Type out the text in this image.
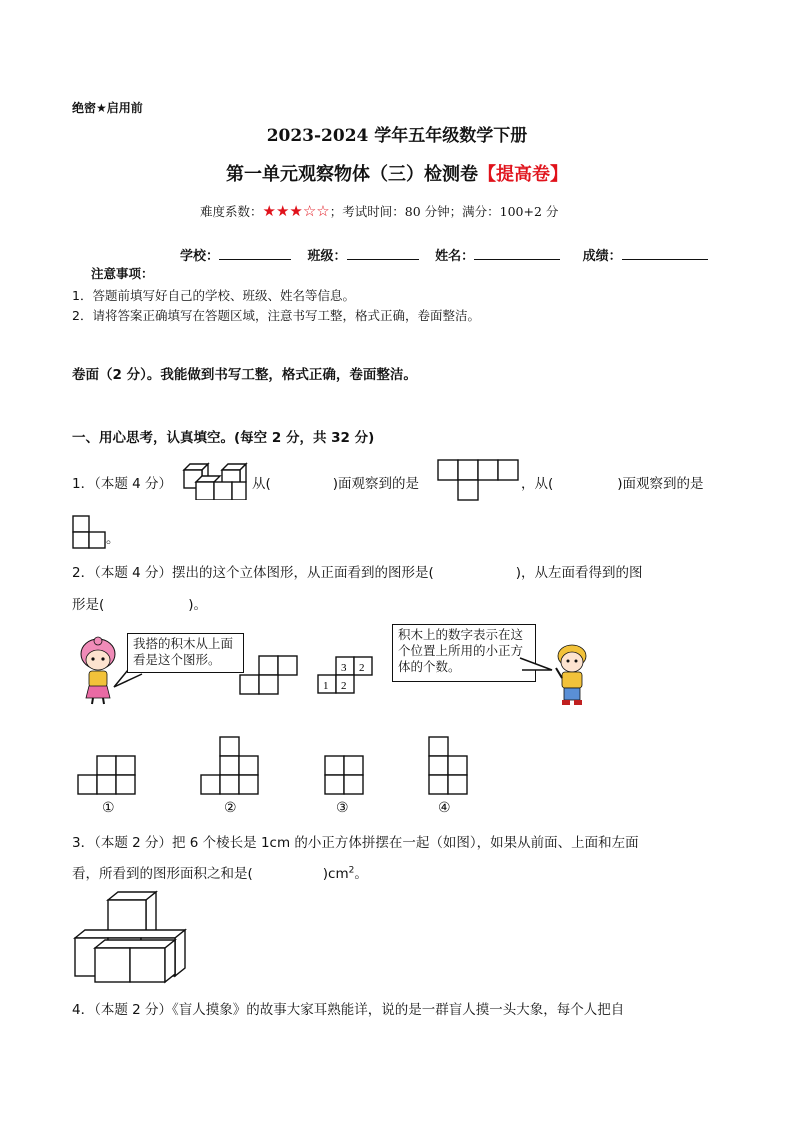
绝密★启用前
2023-2024 学年五年级数学下册
第一单元观察物体（三）检测卷【提高卷】
难度系数：★★★☆☆；考试时间：80 分钟；满分：100+2 分
学校：	班级：	姓名：	成绩：
注意事项：
1．答题前填写好自己的学校、班级、姓名等信息。
2．请将答案正确填写在答题区域，注意书写工整，格式正确，卷面整洁。
卷面（2 分）。我能做到书写工整，格式正确，卷面整洁。
一、用心思考，认真填空。(每空 2 分，共 32 分)
1．（本题 4 分）	从(	)面观察到的是	，从(	)面观察到的是
。
2．（本题 4 分）摆出的这个立体图形，从正面看到的图形是(	)，从左面看得到的图
形是(	)。
我搭的积木从上面看是这个图形。
3 2
1 2
积木上的数字表示在这个位置上所用的小正方体的个数。
①	②	③	④
3．（本题 2 分）把 6 个棱长是 1cm 的小正方体拼摆在一起（如图），如果从前面、上面和左面
看，所看到的图形面积之和是(	)$cm^2$。
4．（本题 2 分）《盲人摸象》的故事大家耳熟能详，说的是一群盲人摸一头大象，每个人把自
